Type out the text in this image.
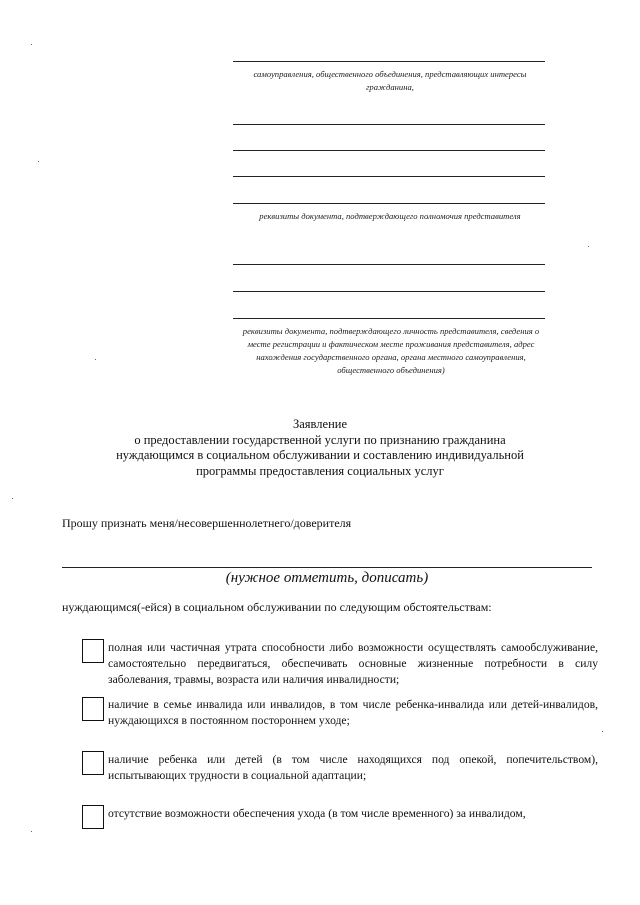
самоуправления, общественного объединения, представляющих интересы гражданина,
реквизиты документа, подтверждающего полномочия представителя
реквизиты документа, подтверждающего личность представителя, сведения о месте регистрации и фактическом месте проживания представителя, адрес нахождения государственного органа, органа местного самоуправления, общественного объединения)
Заявление
о предоставлении государственной услуги по признанию гражданина
нуждающимся в социальном обслуживании и составлению индивидуальной
программы предоставления социальных услуг
Прошу признать меня/несовершеннолетнего/доверителя
(нужное отметить, дописать)
нуждающимся(-ейся) в социальном обслуживании по следующим обстоятельствам:
полная или частичная утрата способности либо возможности осуществлять самообслуживание, самостоятельно передвигаться, обеспечивать основные жизненные потребности в силу заболевания, травмы, возраста или наличия инвалидности;
наличие в семье инвалида или инвалидов, в том числе ребенка-инвалида или детей-инвалидов, нуждающихся в постоянном постороннем уходе;
наличие ребенка или детей (в том числе находящихся под опекой, попечительством), испытывающих трудности в социальной адаптации;
отсутствие возможности обеспечения ухода (в том числе временного) за инвалидом,
